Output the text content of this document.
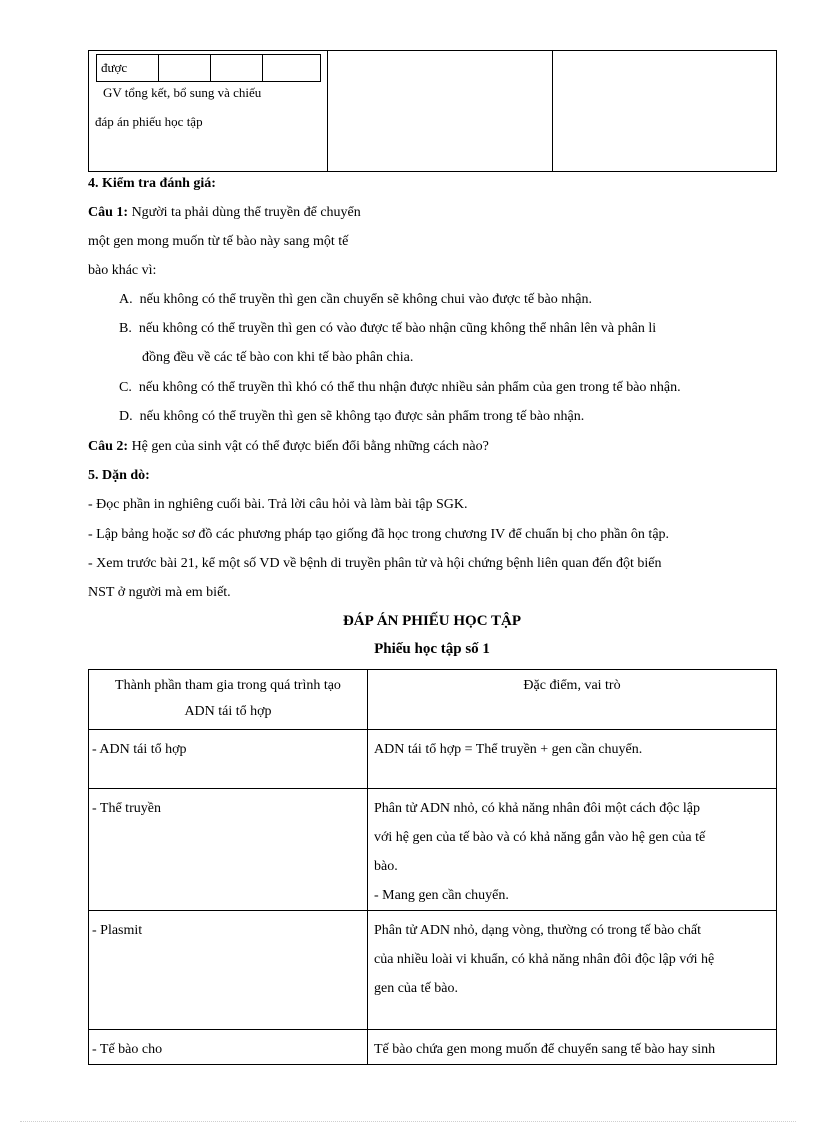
được			
GV tổng kết, bổ sung và chiếu
đáp án phiếu học tập

4. Kiểm tra đánh giá:
Câu 1: Người ta phải dùng thể truyền để chuyển
một gen mong muốn từ tế bào này sang một tế
bào khác vì:
A. nếu không có thể truyền thì gen cần chuyển sẽ không chui vào được tế bào nhận.
B. nếu không có thể truyền thì gen có vào được tế bào nhận cũng không thể nhân lên và phân li
đồng đều về các tế bào con khi tế bào phân chia.
C. nếu không có thể truyền thì khó có thể thu nhận được nhiều sản phẩm của gen trong tế bào nhận.
D. nếu không có thể truyền thì gen sẽ không tạo được sản phẩm trong tế bào nhận.
Câu 2: Hệ gen của sinh vật có thể được biến đổi bằng những cách nào?
5. Dặn dò:
- Đọc phần in nghiêng cuối bài. Trả lời câu hỏi và làm bài tập SGK.
- Lập bảng hoặc sơ đồ các phương pháp tạo giống đã học trong chương IV để chuẩn bị cho phần ôn tập.
- Xem trước bài 21, kể một số VD về bệnh di truyền phân tử và hội chứng bệnh liên quan đến đột biến
NST ở người mà em biết.
ĐÁP ÁN PHIẾU HỌC TẬP
Phiếu học tập số 1
Thành phần tham gia trong quá trình tạo
ADN tái tổ hợp	Đặc điểm, vai trò
- ADN tái tổ hợp	ADN tái tổ hợp = Thể truyền + gen cần chuyển.

- Thể truyền	Phân tử ADN nhỏ, có khả năng nhân đôi một cách độc lập
với hệ gen của tế bào và có khả năng gắn vào hệ gen của tế
bào.
- Mang gen cần chuyển.

- Plasmit	Phân tử ADN nhỏ, dạng vòng, thường có trong tế bào chất
của nhiều loài vi khuẩn, có khả năng nhân đôi độc lập với hệ
gen của tế bào.

- Tế bào cho	Tế bào chứa gen mong muốn để chuyển sang tế bào hay sinh
